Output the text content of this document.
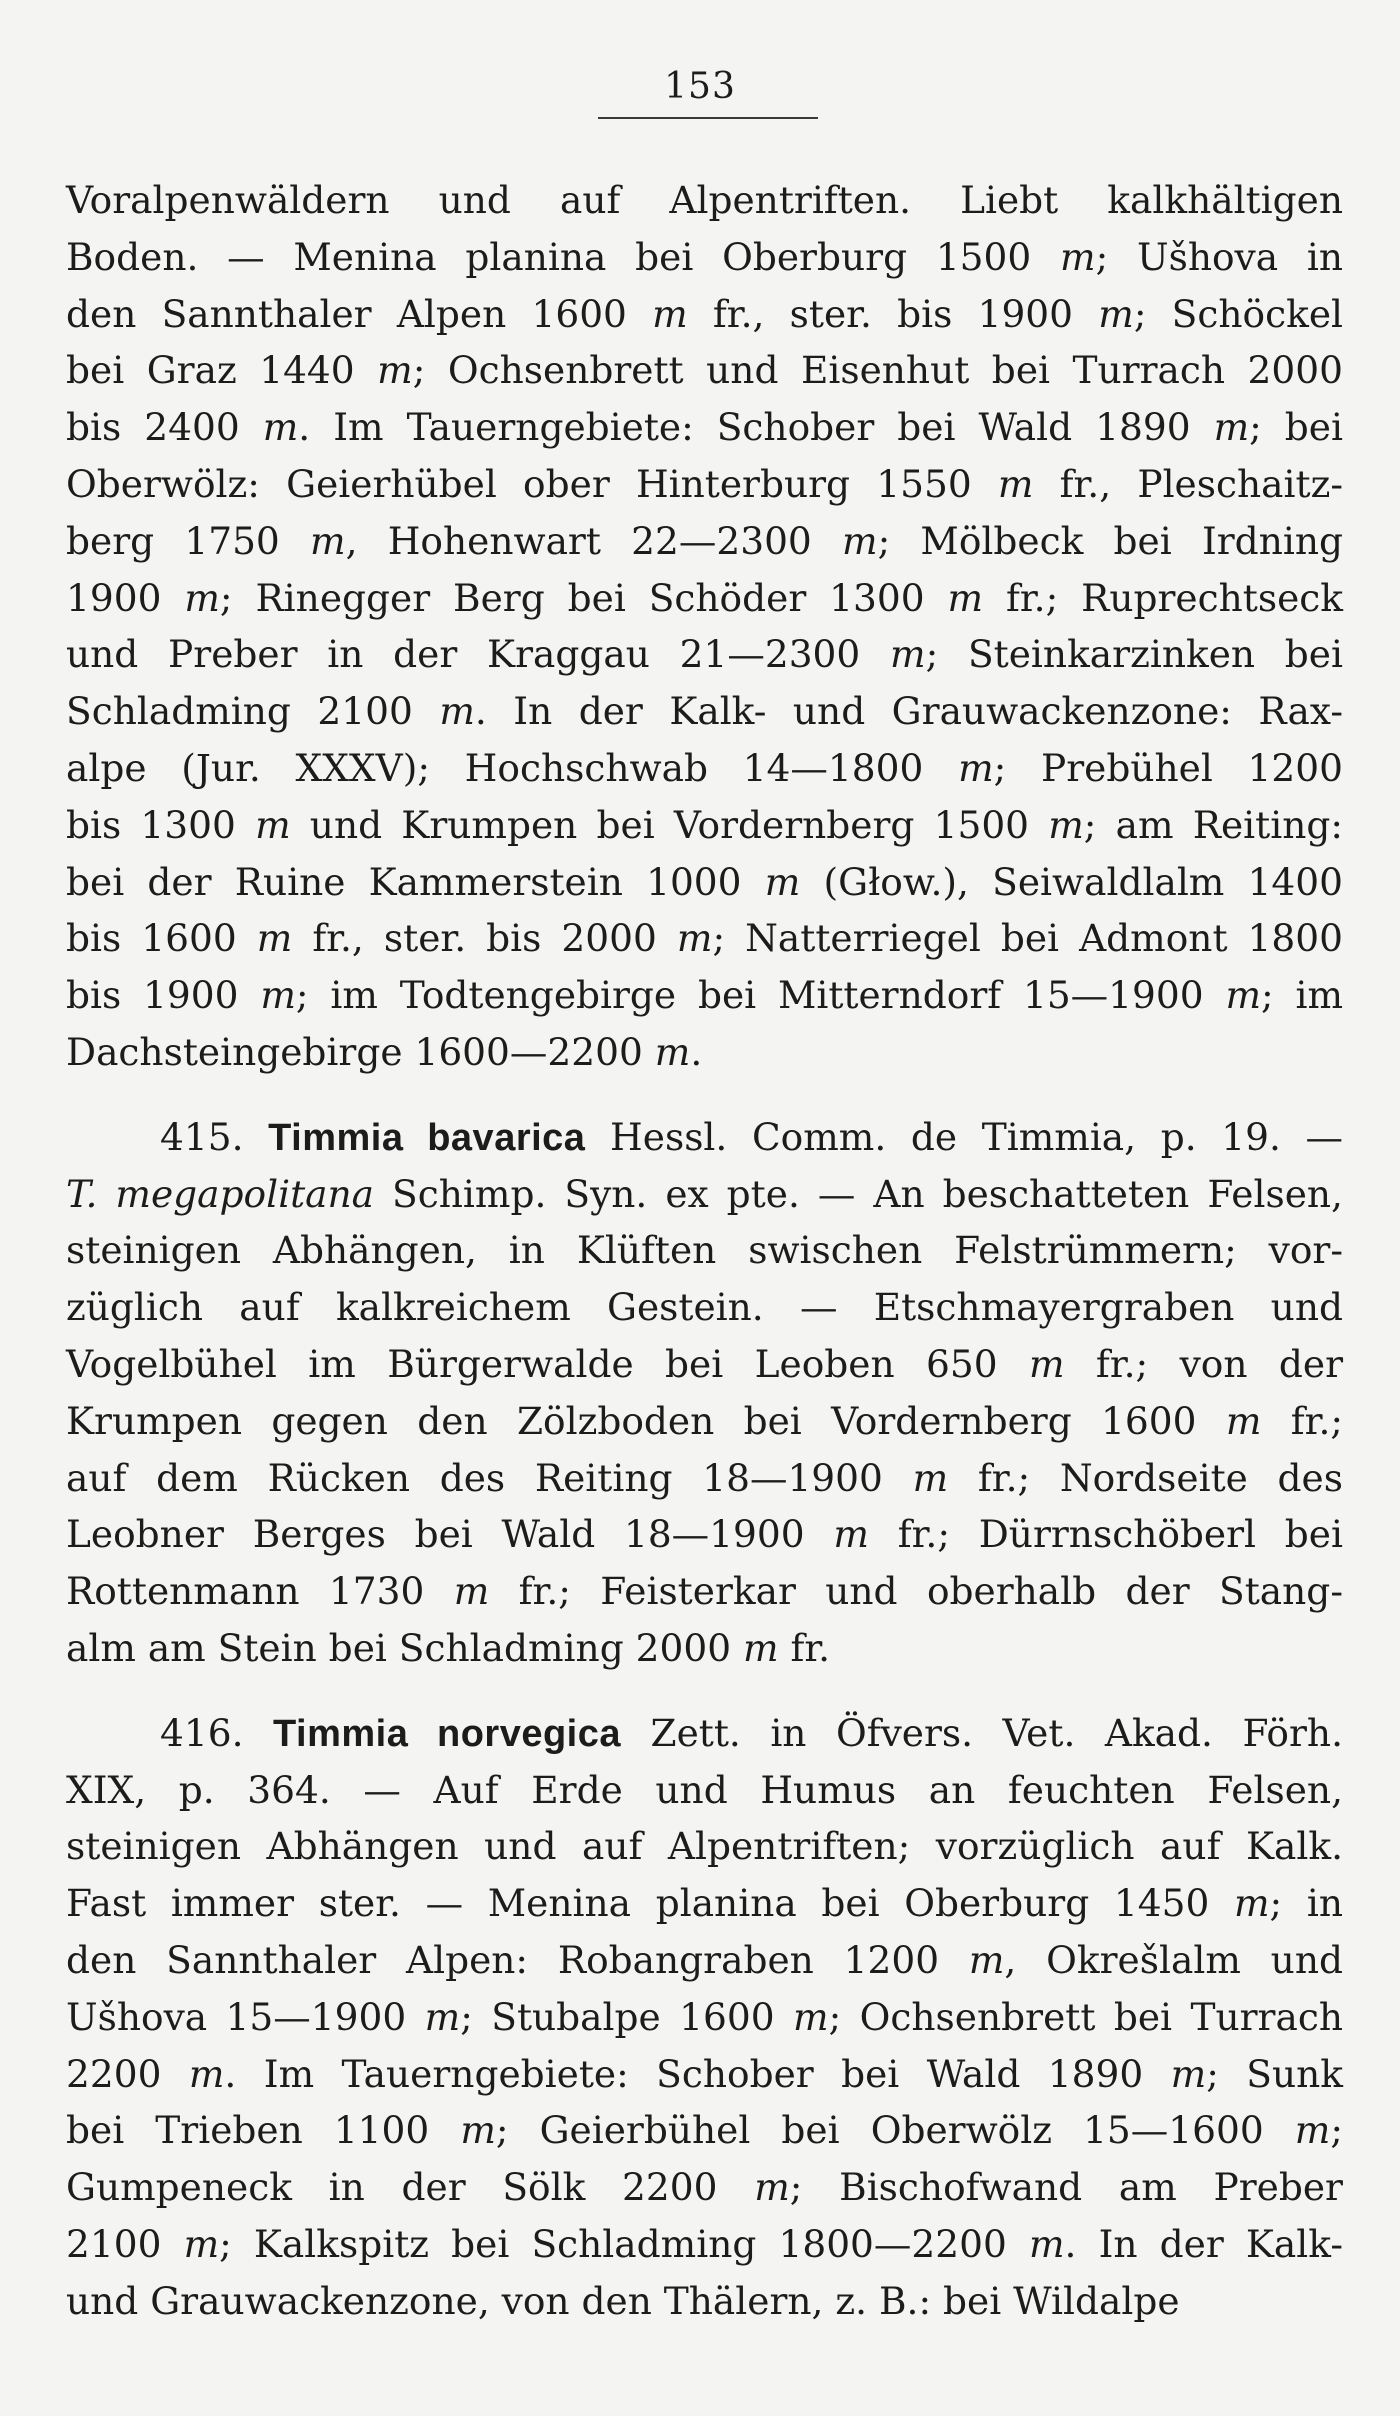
153
Voralpenwäldern und auf Alpentriften. Liebt kalkhältigen
Boden. — Menina planina bei Oberburg 1500 m; Ušhova in
den Sannthaler Alpen 1600 m fr., ster. bis 1900 m; Schöckel
bei Graz 1440 m; Ochsenbrett und Eisenhut bei Turrach 2000
bis 2400 m. Im Tauerngebiete: Schober bei Wald 1890 m; bei
Oberwölz: Geierhübel ober Hinterburg 1550 m fr., Pleschaitz-
berg 1750 m, Hohenwart 22—2300 m; Mölbeck bei Irdning
1900 m; Rinegger Berg bei Schöder 1300 m fr.; Ruprechtseck
und Preber in der Kraggau 21—2300 m; Steinkarzinken bei
Schladming 2100 m. In der Kalk- und Grauwackenzone: Rax-
alpe (Jur. XXXV); Hochschwab 14—1800 m; Prebühel 1200
bis 1300 m und Krumpen bei Vordernberg 1500 m; am Reiting:
bei der Ruine Kammerstein 1000 m (Głow.), Seiwaldlalm 1400
bis 1600 m fr., ster. bis 2000 m; Natterriegel bei Admont 1800
bis 1900 m; im Todtengebirge bei Mitterndorf 15—1900 m; im
Dachsteingebirge 1600—2200 m.
415. Timmia bavarica Hessl. Comm. de Timmia, p. 19. —
T. megapolitana Schimp. Syn. ex pte. — An beschatteten Felsen,
steinigen Abhängen, in Klüften swischen Felstrümmern; vor-
züglich auf kalkreichem Gestein. — Etschmayergraben und
Vogelbühel im Bürgerwalde bei Leoben 650 m fr.; von der
Krumpen gegen den Zölzboden bei Vordernberg 1600 m fr.;
auf dem Rücken des Reiting 18—1900 m fr.; Nordseite des
Leobner Berges bei Wald 18—1900 m fr.; Dürrnschöberl bei
Rottenmann 1730 m fr.; Feisterkar und oberhalb der Stang-
alm am Stein bei Schladming 2000 m fr.
416. Timmia norvegica Zett. in Öfvers. Vet. Akad. Förh.
XIX, p. 364. — Auf Erde und Humus an feuchten Felsen,
steinigen Abhängen und auf Alpentriften; vorzüglich auf Kalk.
Fast immer ster. — Menina planina bei Oberburg 1450 m; in
den Sannthaler Alpen: Robangraben 1200 m, Okrešlalm und
Ušhova 15—1900 m; Stubalpe 1600 m; Ochsenbrett bei Turrach
2200 m. Im Tauerngebiete: Schober bei Wald 1890 m; Sunk
bei Trieben 1100 m; Geierbühel bei Oberwölz 15—1600 m;
Gumpeneck in der Sölk 2200 m; Bischofwand am Preber
2100 m; Kalkspitz bei Schladming 1800—2200 m. In der Kalk-
und Grauwackenzone, von den Thälern, z. B.: bei Wildalpe
